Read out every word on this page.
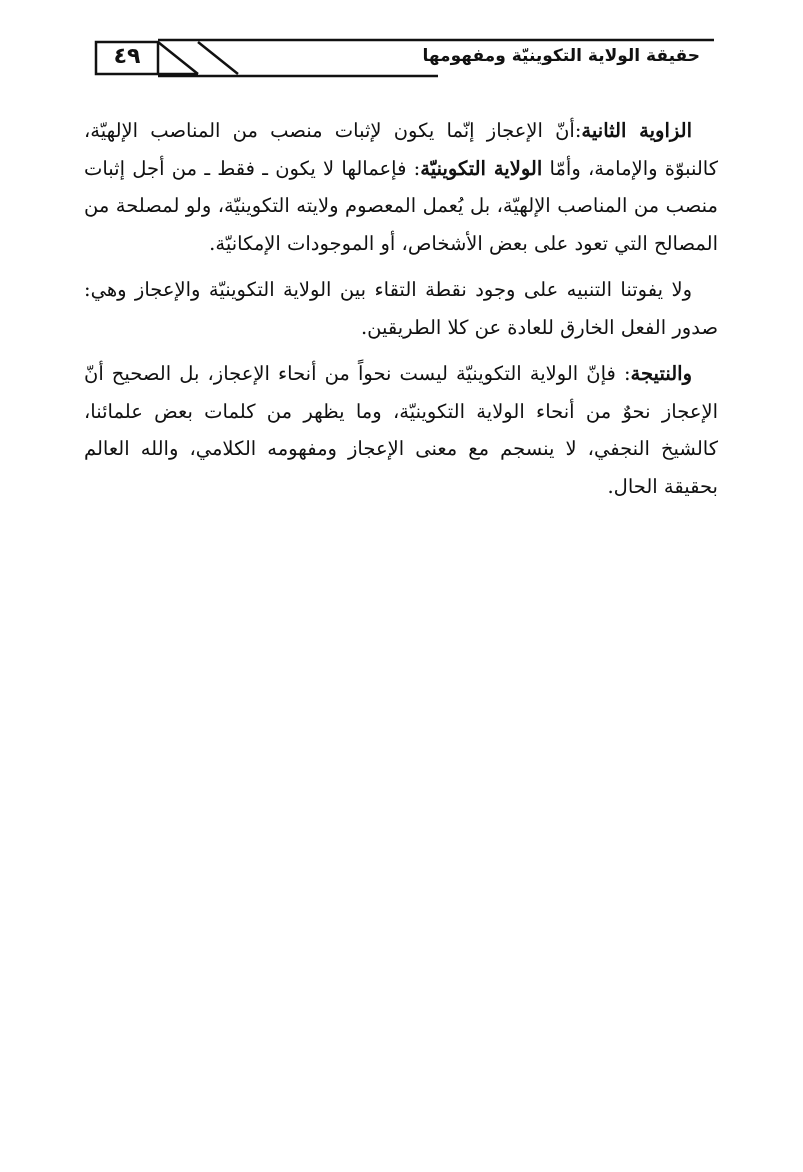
٤٩	حقيقة الولاية التكوينيّة ومفهومها

الزاوية الثانية:أنّ الإعجاز إنّما يكون لإثبات منصب من المناصب الإلهيّة، كالنبوّة والإمامة، وأمّا الولاية التكوينيّة: فإعمالها لا يكون ـ فقط ـ من أجل إثبات منصب من المناصب الإلهيّة، بل يُعمل المعصوم ولايته التكوينيّة، ولو لمصلحة من المصالح التي تعود على بعض الأشخاص، أو الموجودات الإمكانيّة.

ولا يفوتنا التنبيه على وجود نقطة التقاء بين الولاية التكوينيّة والإعجاز وهي: صدور الفعل الخارق للعادة عن كلا الطريقين.

والنتيجة: فإنّ الولاية التكوينيّة ليست نحواً من أنحاء الإعجاز، بل الصحيح أنّ الإعجاز نحوٌ من أنحاء الولاية التكوينيّة، وما يظهر من كلمات بعض علمائنا، كالشيخ النجفي، لا ينسجم مع معنى الإعجاز ومفهومه الكلامي، والله العالم بحقيقة الحال.
